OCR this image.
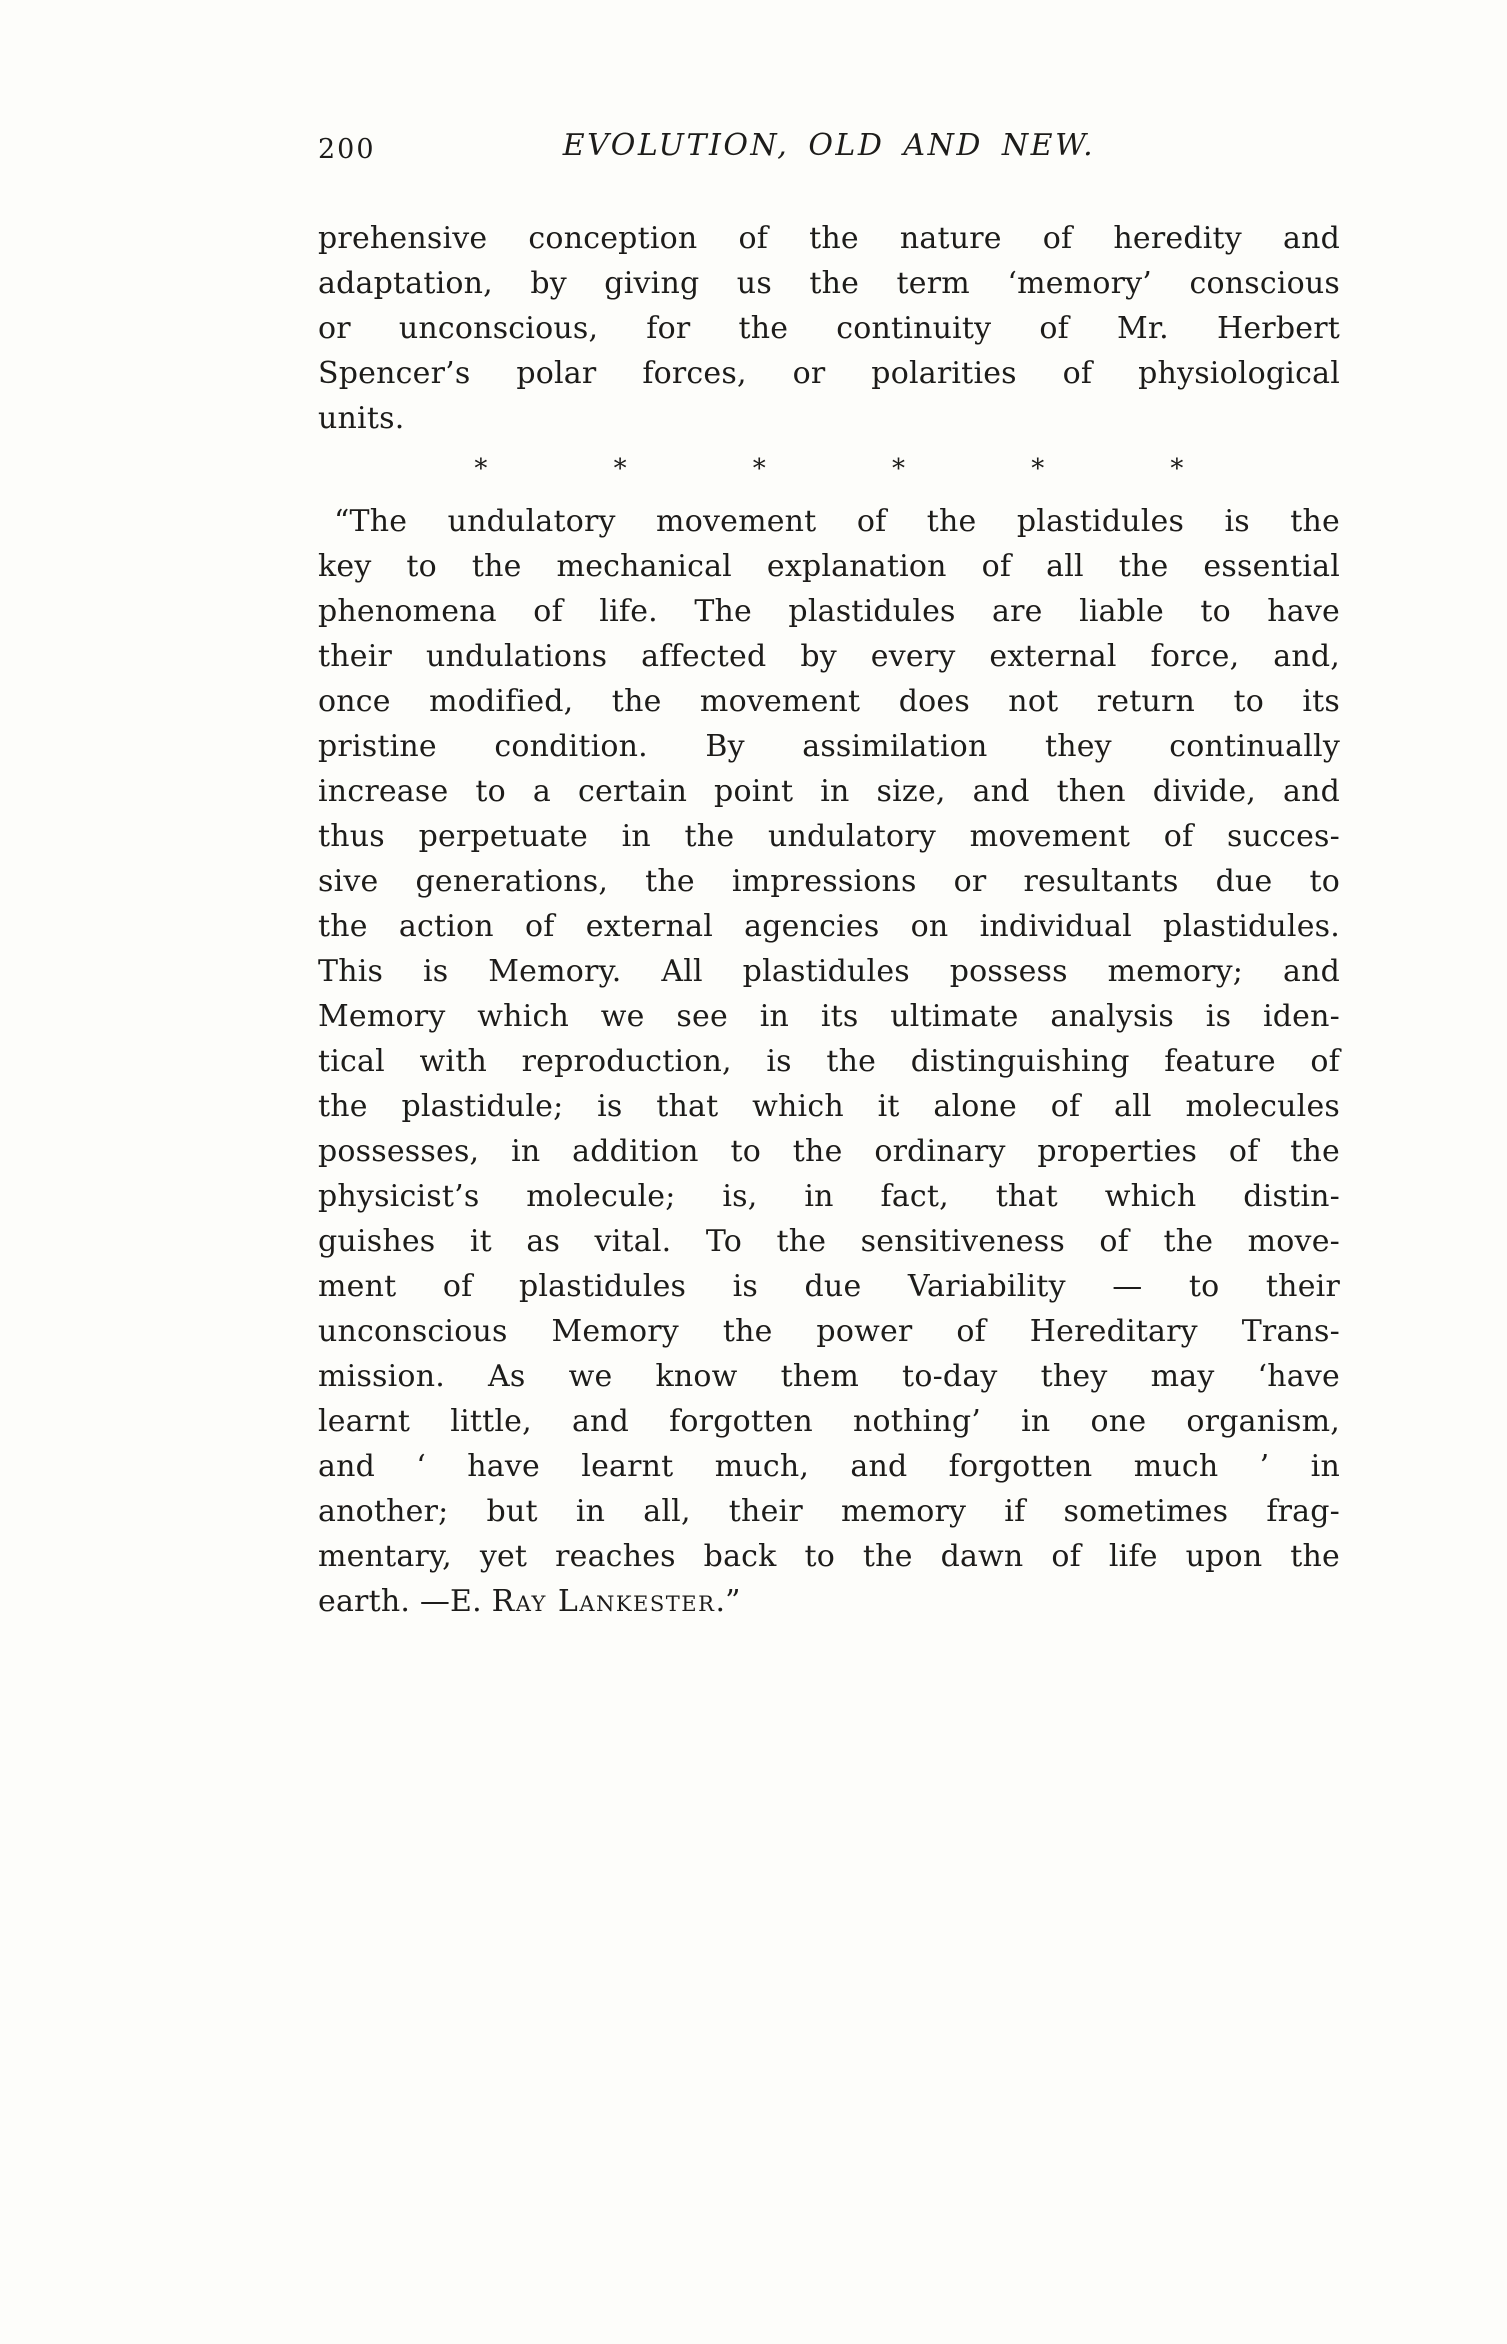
200	EVOLUTION, OLD AND NEW.
prehensive conception of the nature of heredity and
adaptation, by giving us the term ‘memory’ conscious
or unconscious, for the continuity of Mr. Herbert
Spencer’s polar forces, or polarities of physiological
units.
*	*	*	*	*	*
“The undulatory movement of the plastidules is the
key to the mechanical explanation of all the essential
phenomena of life. The plastidules are liable to have
their undulations affected by every external force, and,
once modified, the movement does not return to its
pristine condition. By assimilation they continually
increase to a certain point in size, and then divide, and
thus perpetuate in the undulatory movement of succes-
sive generations, the impressions or resultants due to
the action of external agencies on individual plastidules.
This is Memory. All plastidules possess memory; and
Memory which we see in its ultimate analysis is iden-
tical with reproduction, is the distinguishing feature of
the plastidule; is that which it alone of all molecules
possesses, in addition to the ordinary properties of the
physicist’s molecule; is, in fact, that which distin-
guishes it as vital. To the sensitiveness of the move-
ment of plastidules is due Variability — to their
unconscious Memory the power of Hereditary Trans-
mission. As we know them to-day they may ‘have
learnt little, and forgotten nothing’ in one organism,
and ‘ have learnt much, and forgotten much ’ in
another; but in all, their memory if sometimes frag-
mentary, yet reaches back to the dawn of life upon the
earth. —E. Ray Lankester.”
